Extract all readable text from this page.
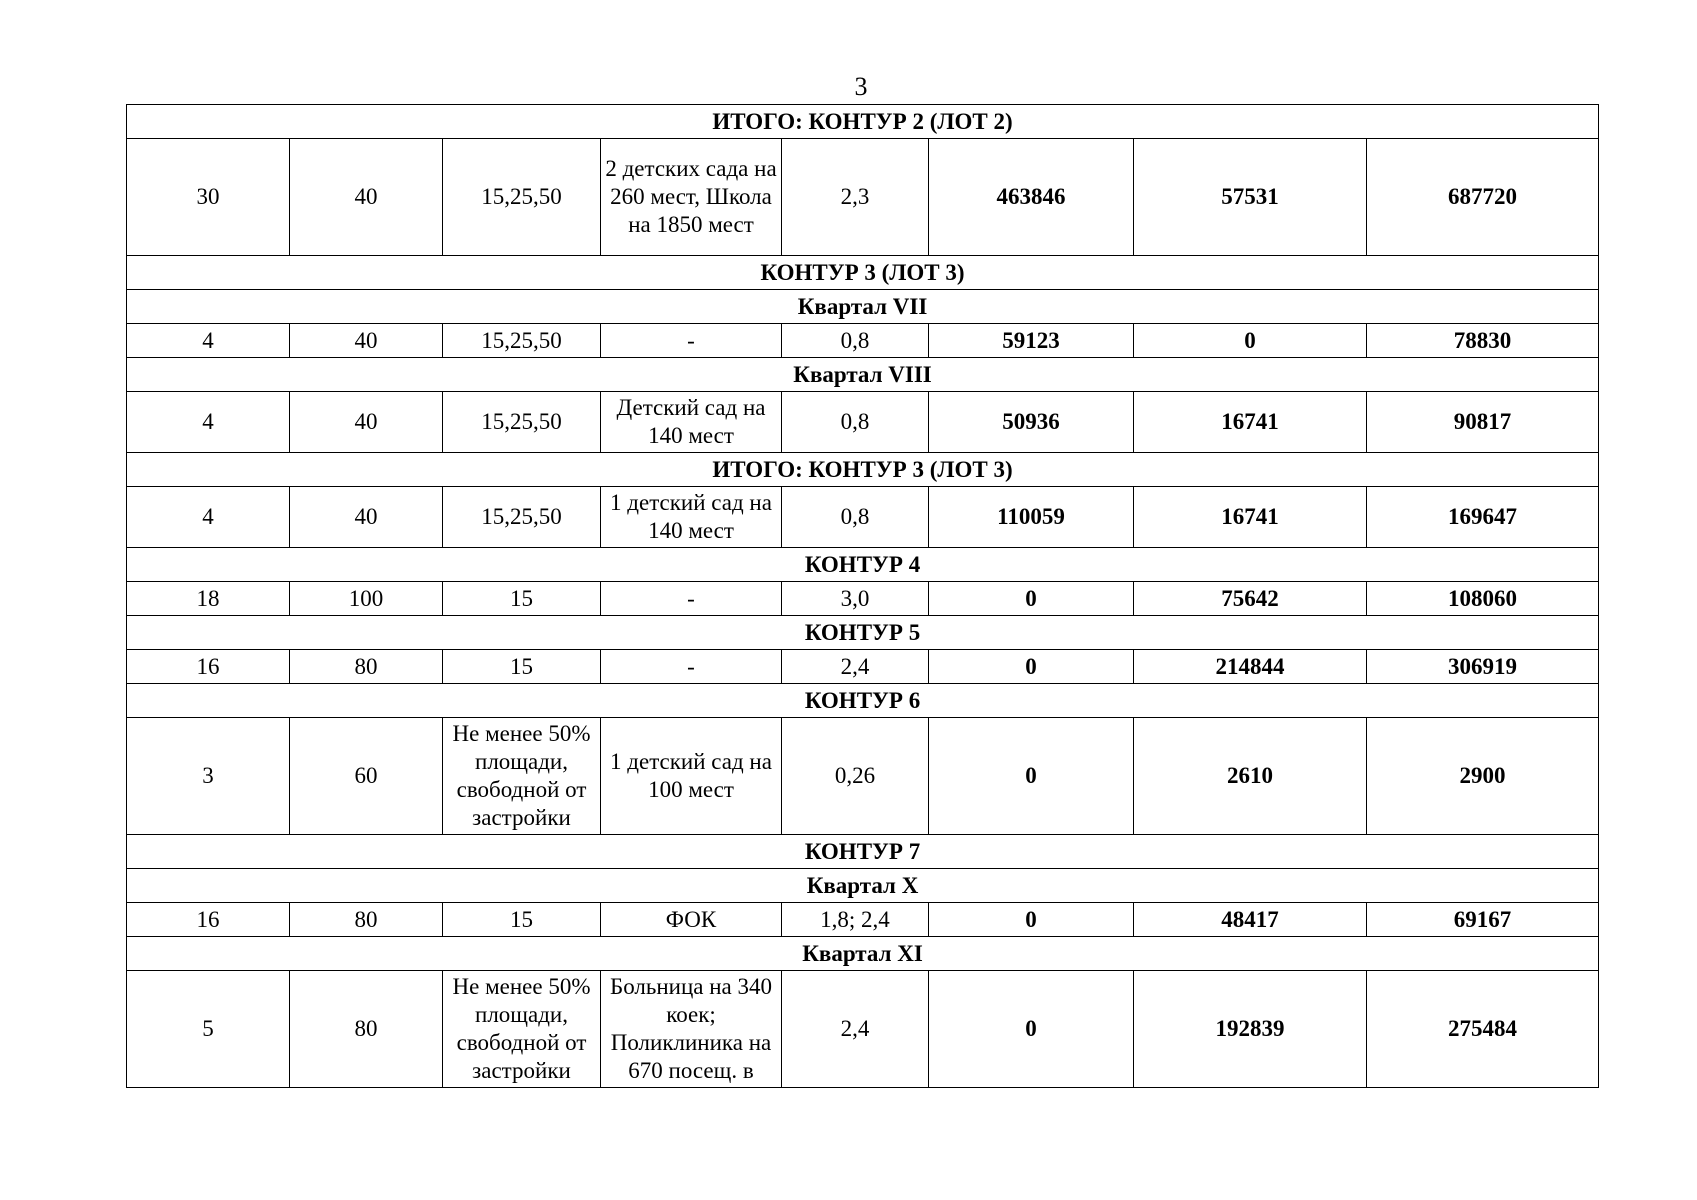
3
ИТОГО: КОНТУР 2 (ЛОТ 2)							
30	40	15,25,50	2 детских сада на 260 мест, Школа на 1850 мест	2,3	463846	57531	687720
КОНТУР 3 (ЛОТ 3)							
Квартал VII							
4	40	15,25,50	-	0,8	59123	0	78830
Квартал VIII							
4	40	15,25,50	Детский сад на 140 мест	0,8	50936	16741	90817
ИТОГО: КОНТУР 3 (ЛОТ 3)							
4	40	15,25,50	1 детский сад на 140 мест	0,8	110059	16741	169647
КОНТУР 4							
18	100	15	-	3,0	0	75642	108060
КОНТУР 5							
16	80	15	-	2,4	0	214844	306919
КОНТУР 6							
3	60	Не менее 50% площади, свободной от застройки	1 детский сад на 100 мест	0,26	0	2610	2900
КОНТУР 7							
Квартал X							
16	80	15	ФОК	1,8; 2,4	0	48417	69167
Квартал XI							
5	80	Не менее 50% площади, свободной от застройки	Больница на 340 коек; Поликлиника на 670 посещ. в	2,4	0	192839	275484
